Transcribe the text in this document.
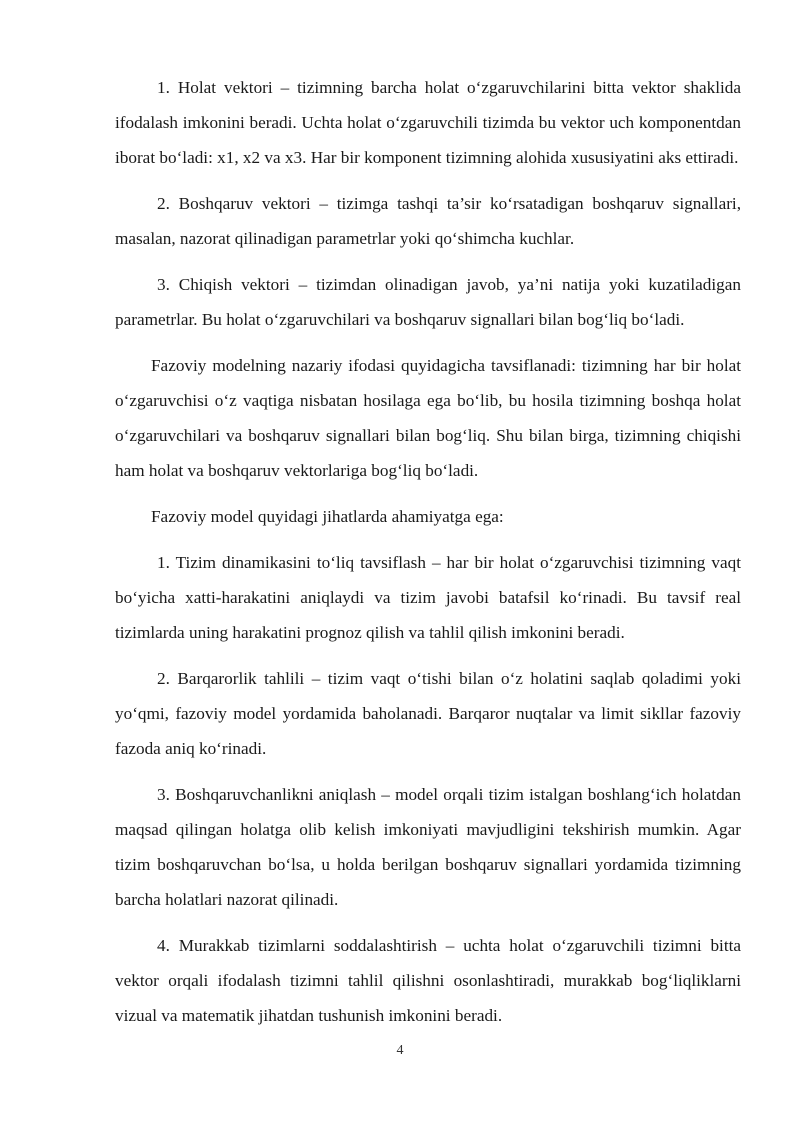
1. Holat vektori – tizimning barcha holat o‘zgaruvchilarini bitta vektor shaklida ifodalash imkonini beradi. Uchta holat o‘zgaruvchili tizimda bu vektor uch komponentdan iborat bo‘ladi: x1, x2 va x3. Har bir komponent tizimning alohida xususiyatini aks ettiradi.

2. Boshqaruv vektori – tizimga tashqi ta’sir ko‘rsatadigan boshqaruv signallari, masalan, nazorat qilinadigan parametrlar yoki qo‘shimcha kuchlar.

3. Chiqish vektori – tizimdan olinadigan javob, ya’ni natija yoki kuzatiladigan parametrlar. Bu holat o‘zgaruvchilari va boshqaruv signallari bilan bog‘liq bo‘ladi.

Fazoviy modelning nazariy ifodasi quyidagicha tavsiflanadi: tizimning har bir holat o‘zgaruvchisi o‘z vaqtiga nisbatan hosilaga ega bo‘lib, bu hosila tizimning boshqa holat o‘zgaruvchilari va boshqaruv signallari bilan bog‘liq. Shu bilan birga, tizimning chiqishi ham holat va boshqaruv vektorlariga bog‘liq bo‘ladi.

Fazoviy model quyidagi jihatlarda ahamiyatga ega:

1. Tizim dinamikasini to‘liq tavsiflash – har bir holat o‘zgaruvchisi tizimning vaqt bo‘yicha xatti-harakatini aniqlaydi va tizim javobi batafsil ko‘rinadi. Bu tavsif real tizimlarda uning harakatini prognoz qilish va tahlil qilish imkonini beradi.

2. Barqarorlik tahlili – tizim vaqt o‘tishi bilan o‘z holatini saqlab qoladimi yoki yo‘qmi, fazoviy model yordamida baholanadi. Barqaror nuqtalar va limit sikllar fazoviy fazoda aniq ko‘rinadi.

3. Boshqaruvchanlikni aniqlash – model orqali tizim istalgan boshlang‘ich holatdan maqsad qilingan holatga olib kelish imkoniyati mavjudligini tekshirish mumkin. Agar tizim boshqaruvchan bo‘lsa, u holda berilgan boshqaruv signallari yordamida tizimning barcha holatlari nazorat qilinadi.

4. Murakkab tizimlarni soddalashtirish – uchta holat o‘zgaruvchili tizimni bitta vektor orqali ifodalash tizimni tahlil qilishni osonlashtiradi, murakkab bog‘liqliklarni vizual va matematik jihatdan tushunish imkonini beradi.

4
